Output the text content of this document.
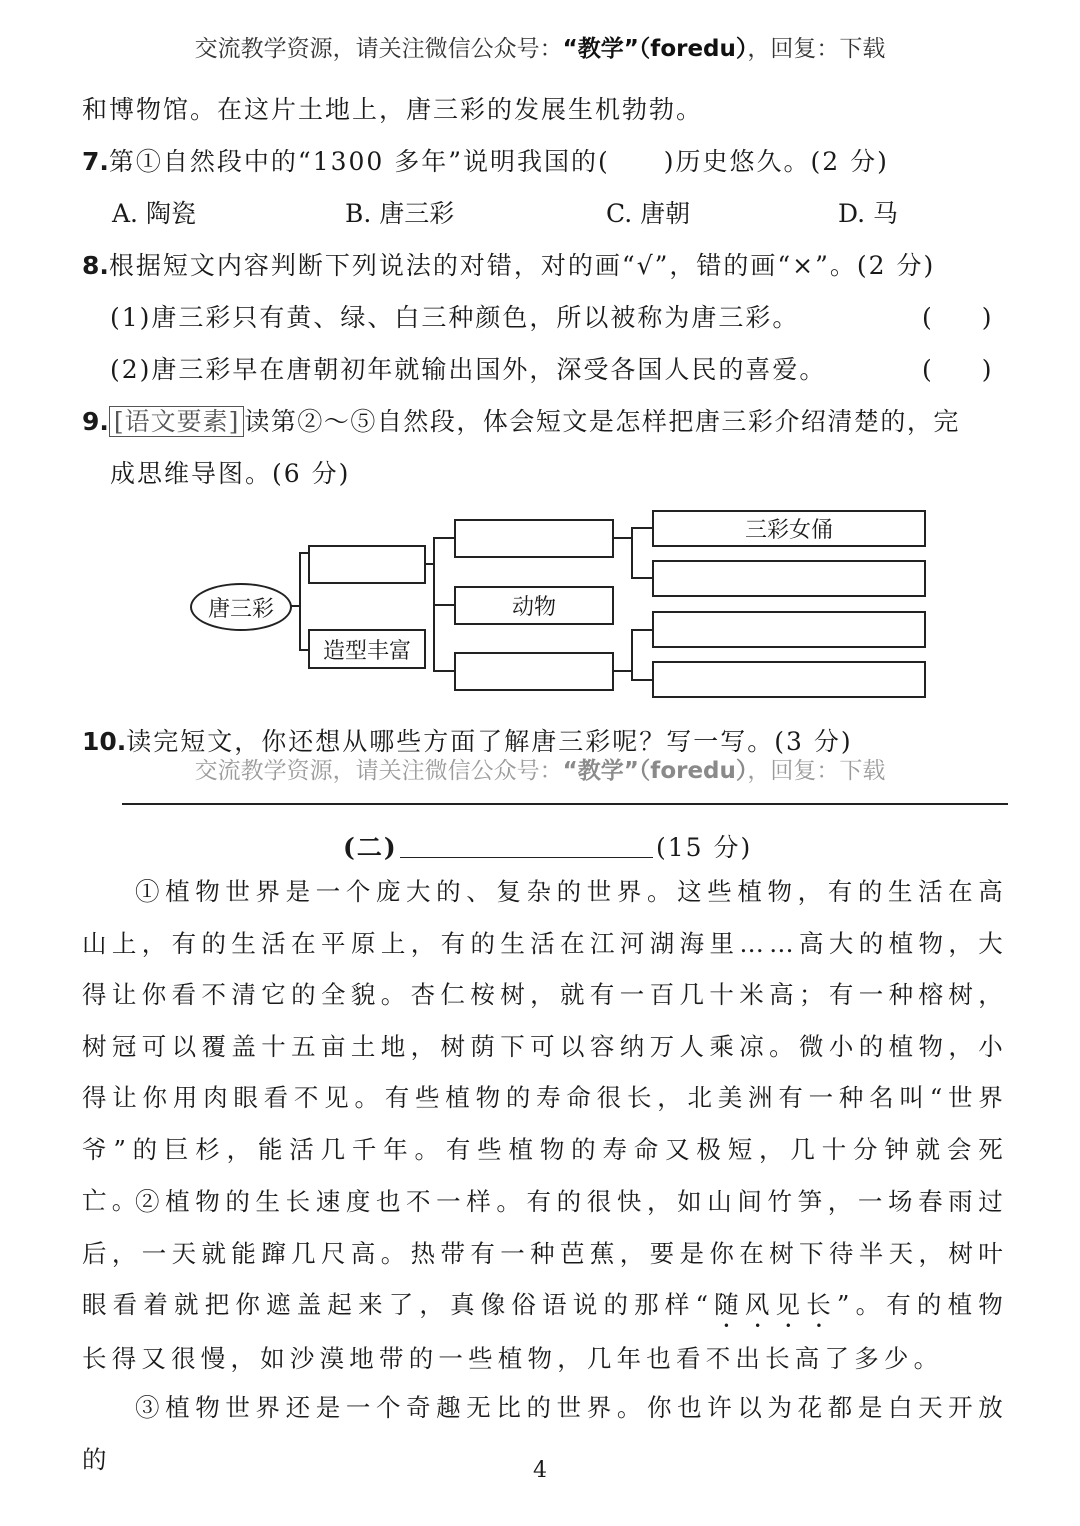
交流教学资源，请关注微信公众号：“教学”（foredu），回复：下载
和博物馆。在这片土地上，唐三彩的发展生机勃勃。
7.第①自然段中的“1300 多年”说明我国的(　　)历史悠久。(2 分)
A. 陶瓷	B. 唐三彩	C. 唐朝	D. 马
8.根据短文内容判断下列说法的对错，对的画“√”，错的画“×”。(2 分)
(1)唐三彩只有黄、绿、白三种颜色，所以被称为唐三彩。	(　　)
(2)唐三彩早在唐朝初年就输出国外，深受各国人民的喜爱。	(　　)
9. [语文要素] 读第②～⑤自然段，体会短文是怎样把唐三彩介绍清楚的，完
成思维导图。(6 分)
唐三彩
造型丰富
动物
三彩女俑
10.读完短文，你还想从哪些方面了解唐三彩呢？写一写。(3 分)
交流教学资源，请关注微信公众号：“教学”（foredu），回复：下载
(二)	(15 分)
①植物世界是一个庞大的、复杂的世界。这些植物，有的生活在高山上，有的生活在平原上，有的生活在江河湖海里……高大的植物，大得让你看不清它的全貌。杏仁桉树，就有一百几十米高；有一种榕树，树冠可以覆盖十五亩土地，树荫下可以容纳万人乘凉。微小的植物，小得让你用肉眼看不见。有些植物的寿命很长，北美洲有一种名叫“世界爷”的巨杉，能活几千年。有些植物的寿命又极短，几十分钟就会死亡。
②植物的生长速度也不一样。有的很快，如山间竹笋，一场春雨过后，一天就能蹿几尺高。热带有一种芭蕉，要是你在树下待半天，树叶眼看着就把你遮盖起来了，真像俗语说的那样“随风见长”。有的植物长得又很慢，如沙漠地带的一些植物，几年也看不出长高了多少。
③植物世界还是一个奇趣无比的世界。你也许以为花都是白天开放的	4
